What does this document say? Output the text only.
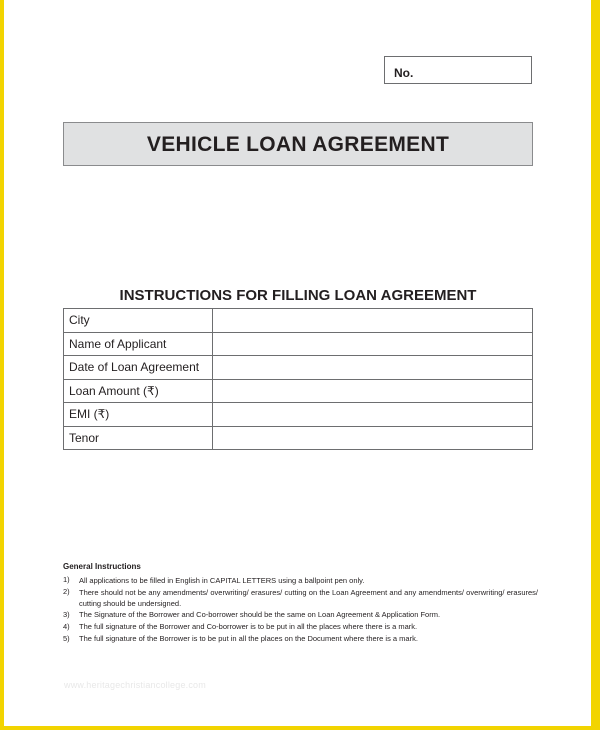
No.
VEHICLE LOAN AGREEMENT
INSTRUCTIONS FOR FILLING LOAN AGREEMENT
City	
Name of Applicant	
Date of Loan Agreement	
Loan Amount (₹)	
EMI (₹)	
Tenor	
General Instructions
1)	All applications to be filled in English in CAPITAL LETTERS using a ballpoint pen only.
2)	There should not be any amendments/ overwriting/ erasures/ cutting on the Loan Agreement and any amendments/ overwriting/ erasures/ cutting should be undersigned.
3)	The Signature of the Borrower and Co-borrower should be the same on Loan Agreement & Application Form.
4)	The full signature of the Borrower and Co-borrower is to be put in all the places where there is a mark.
5)	The full signature of the Borrower is to be put in all the places on the Document where there is a mark.
www.heritagechristiancollege.com
